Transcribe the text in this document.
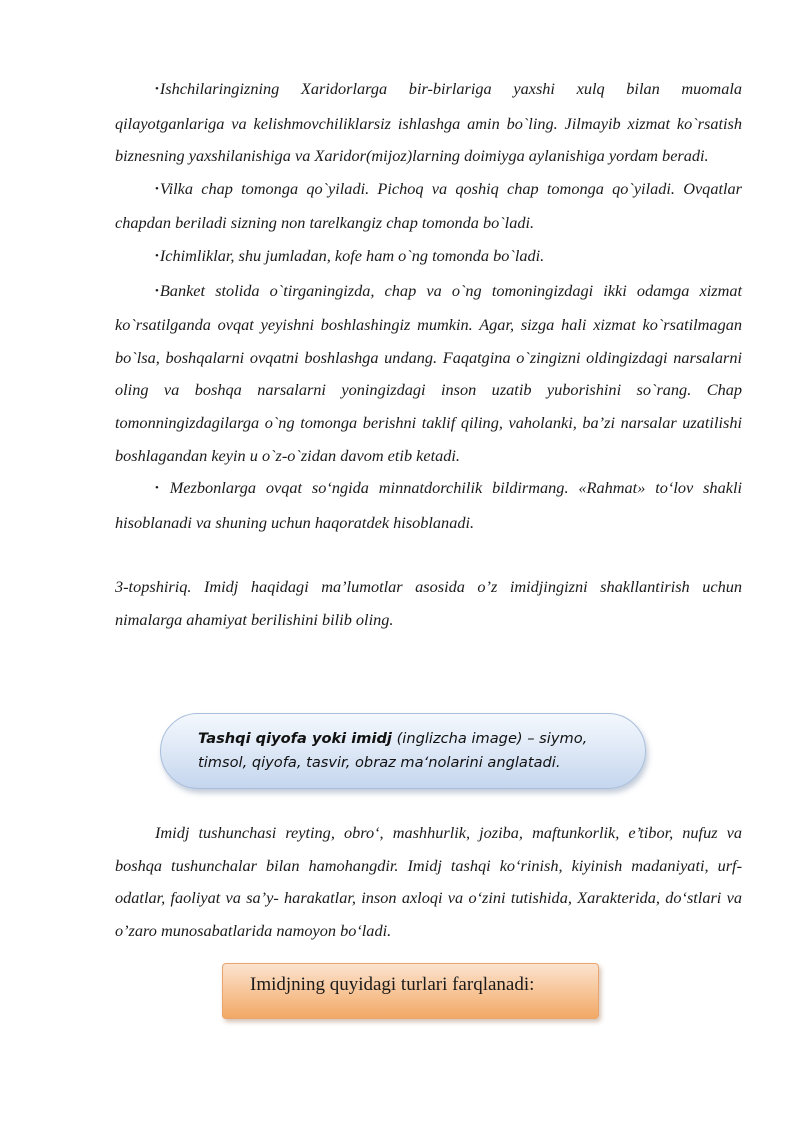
•Ishchilaringizning Xaridorlarga bir-birlariga yaxshi xulq bilan muomala qilayotganlariga va kelishmovchiliklarsiz ishlashga amin bo`ling. Jilmayib xizmat ko`rsatish biznesning yaxshilanishiga va Xaridor(mijoz)larning doimiyga aylanishiga yordam beradi.

•Vilka chap tomonga qo`yiladi. Pichoq va qoshiq chap tomonga qo`yiladi. Ovqatlar chapdan beriladi sizning non tarelkangiz chap tomonda bo`ladi.

•Ichimliklar, shu jumladan, kofe ham o`ng tomonda bo`ladi.

•Banket stolida o`tirganingizda, chap va o`ng tomoningizdagi ikki odamga xizmat ko`rsatilganda ovqat yeyishni boshlashingiz mumkin. Agar, sizga hali xizmat ko`rsatilmagan bo`lsa, boshqalarni ovqatni boshlashga undang. Faqatgina o`zingizni oldingizdagi narsalarni oling va boshqa narsalarni yoningizdagi inson uzatib yuborishini so`rang. Chap tomonningizdagilarga o`ng tomonga berishni taklif qiling, vaholanki, ba’zi narsalar uzatilishi boshlagandan keyin u o`z-o`zidan davom etib ketadi.

• Mezbonlarga ovqat so‘ngida minnatdorchilik bildirmang. «Rahmat» to‘lov shakli hisoblanadi va shuning uchun haqoratdek hisoblanadi.

3-topshiriq. Imidj haqidagi ma’lumotlar asosida o’z imidjingizni shakllantirish uchun nimalarga ahamiyat berilishini bilib oling.

Tashqi qiyofa yoki imidj (inglizcha image) – siymo, timsol, qiyofa, tasvir, obraz ma‘nolarini anglatadi.

Imidj tushunchasi reyting, obro‘, mashhurlik, joziba, maftunkorlik, e’tibor, nufuz va boshqa tushunchalar bilan hamohangdir. Imidj tashqi ko‘rinish, kiyinish madaniyati, urf-odatlar, faoliyat va sa’y- harakatlar, inson axloqi va o‘zini tutishida, Xarakterida, do‘stlari va o’zaro munosabatlarida namoyon bo‘ladi.

Imidjning quyidagi turlari farqlanadi:
